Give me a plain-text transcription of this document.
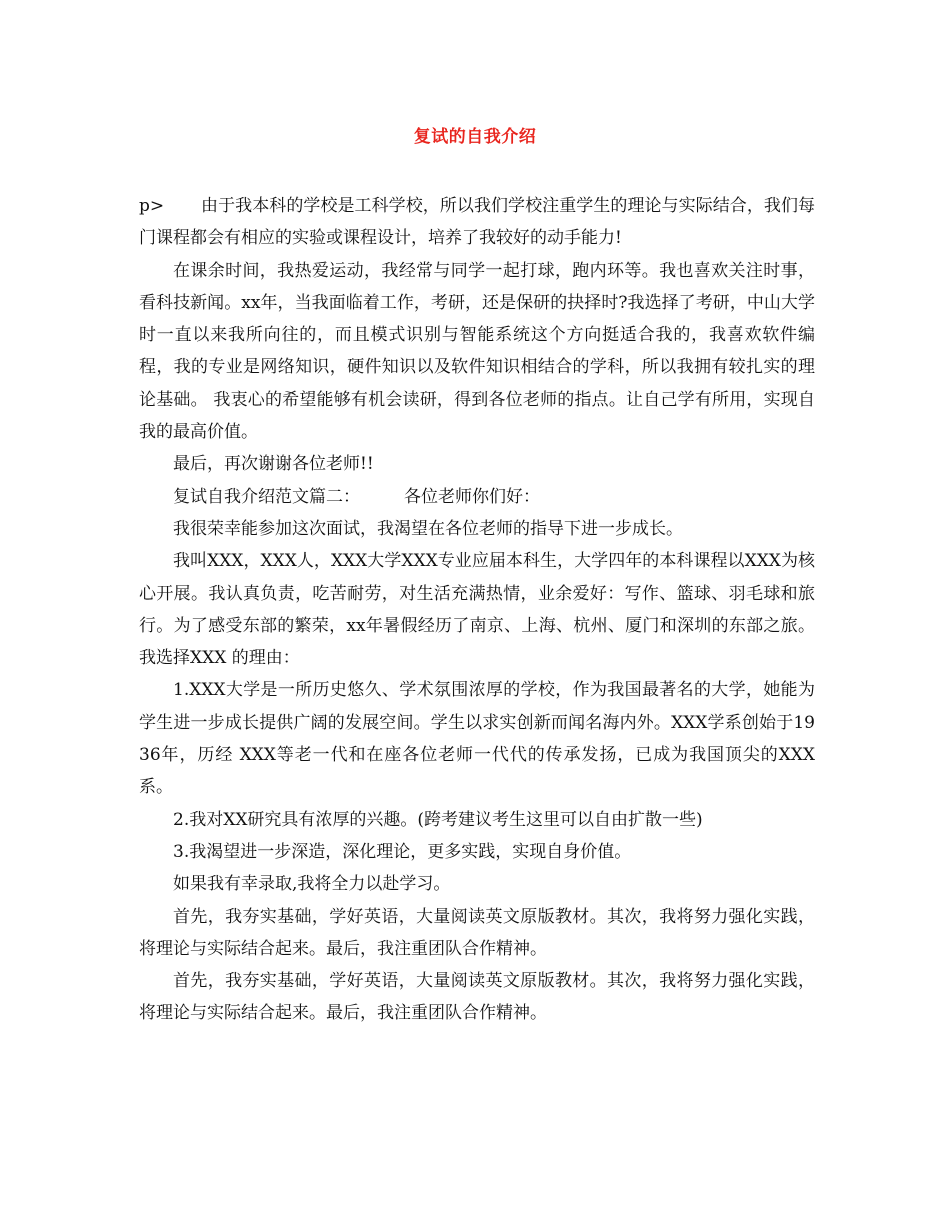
复试的自我介绍

p> 由于我本科的学校是工科学校，所以我们学校注重学生的理论与实际结合，我们每门课程都会有相应的实验或课程设计，培养了我较好的动手能力!

在课余时间，我热爱运动，我经常与同学一起打球，跑内环等。我也喜欢关注时事，看科技新闻。xx年，当我面临着工作，考研，还是保研的抉择时?我选择了考研，中山大学时一直以来我所向往的，而且模式识别与智能系统这个方向挺适合我的，我喜欢软件编程，我的专业是网络知识，硬件知识以及软件知识相结合的学科，所以我拥有较扎实的理论基础。 我衷心的希望能够有机会读研，得到各位老师的指点。让自己学有所用，实现自我的最高价值。

最后，再次谢谢各位老师!!

复试自我介绍范文篇二：	各位老师你们好：

我很荣幸能参加这次面试，我渴望在各位老师的指导下进一步成长。

我叫XXX，XXX人，XXX大学XXX专业应届本科生，大学四年的本科课程以XXX为核心开展。我认真负责，吃苦耐劳，对生活充满热情，业余爱好：写作、篮球、羽毛球和旅行。为了感受东部的繁荣，xx年暑假经历了南京、上海、杭州、厦门和深圳的东部之旅。 我选择XXX 的理由：

1.XXX大学是一所历史悠久、学术氛围浓厚的学校，作为我国最著名的大学，她能为学生进一步成长提供广阔的发展空间。学生以求实创新而闻名海内外。XXX学系创始于1936年，历经 XXX等老一代和在座各位老师一代代的传承发扬，已成为我国顶尖的XXX系。

2.我对XX研究具有浓厚的兴趣。(跨考建议考生这里可以自由扩散一些)

3.我渴望进一步深造，深化理论，更多实践，实现自身价值。

如果我有幸录取,我将全力以赴学习。

首先，我夯实基础，学好英语，大量阅读英文原版教材。其次，我将努力强化实践，将理论与实际结合起来。最后，我注重团队合作精神。

首先，我夯实基础，学好英语，大量阅读英文原版教材。其次，我将努力强化实践，将理论与实际结合起来。最后，我注重团队合作精神。
